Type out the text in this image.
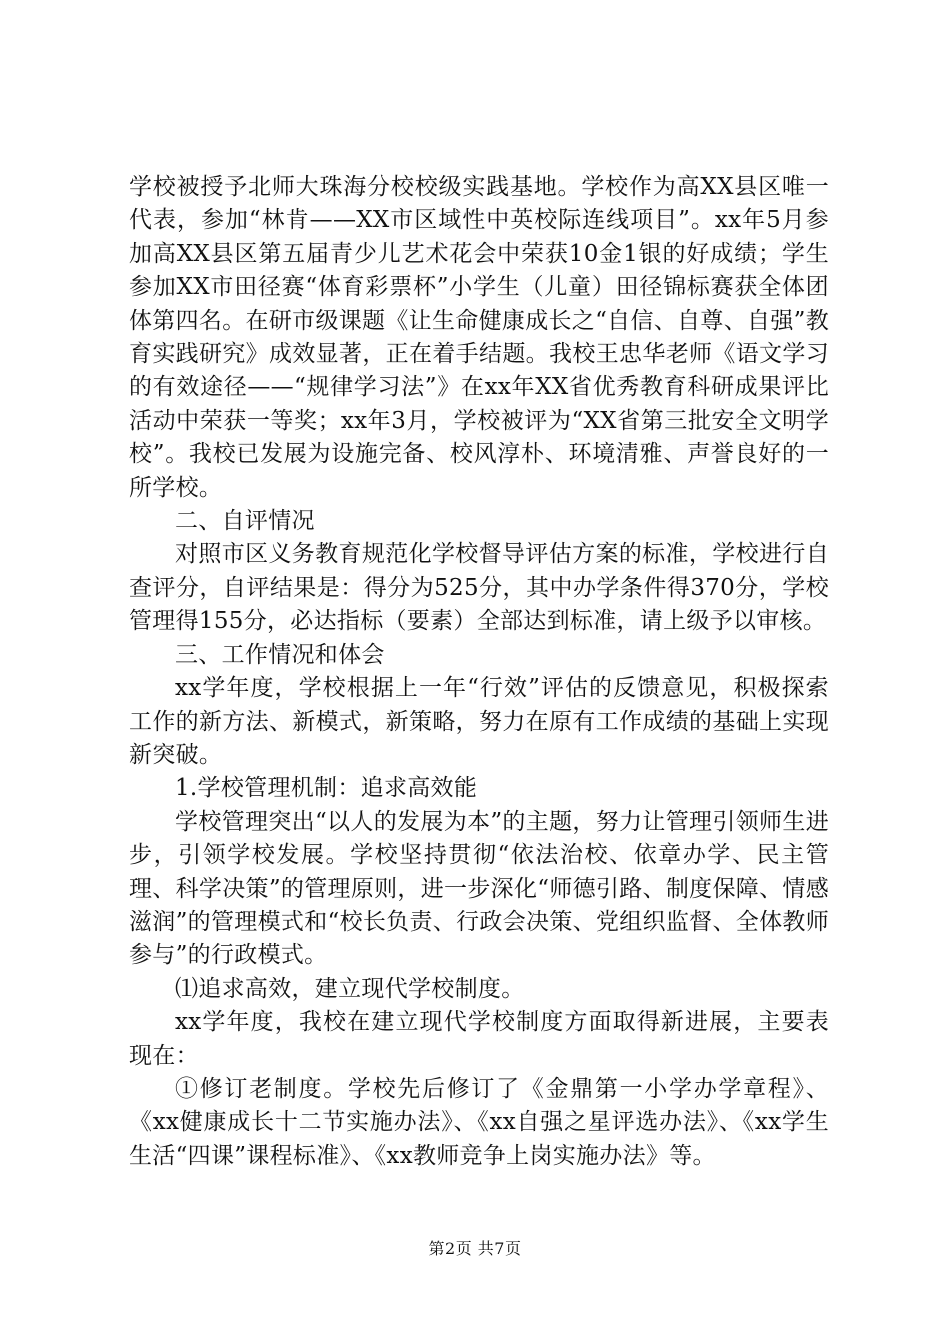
学校被授予北师大珠海分校校级实践基地。学校作为高XX县区唯一代表，参加“林肯——XX市区域性中英校际连线项目”。xx年5月参加高XX县区第五届青少儿艺术花会中荣获10金1银的好成绩；学生参加XX市田径赛“体育彩票杯”小学生（儿童）田径锦标赛获全体团体第四名。在研市级课题《让生命健康成长之“自信、自尊、自强”教育实践研究》成效显著，正在着手结题。我校王忠华老师《语文学习的有效途径——“规律学习法”》在xx年XX省优秀教育科研成果评比活动中荣获一等奖；xx年3月，学校被评为“XX省第三批安全文明学校”。我校已发展为设施完备、校风淳朴、环境清雅、声誉良好的一所学校。

二、自评情况

对照市区义务教育规范化学校督导评估方案的标准，学校进行自查评分，自评结果是：得分为525分，其中办学条件得370分，学校管理得155分，必达指标（要素）全部达到标准，请上级予以审核。

三、工作情况和体会

xx学年度，学校根据上一年“行效”评估的反馈意见，积极探索工作的新方法、新模式，新策略，努力在原有工作成绩的基础上实现新突破。

1.学校管理机制：追求高效能

学校管理突出“以人的发展为本”的主题，努力让管理引领师生进步，引领学校发展。学校坚持贯彻“依法治校、依章办学、民主管理、科学决策”的管理原则，进一步深化“师德引路、制度保障、情感滋润”的管理模式和“校长负责、行政会决策、党组织监督、全体教师参与”的行政模式。

⑴追求高效，建立现代学校制度。

xx学年度，我校在建立现代学校制度方面取得新进展，主要表现在：

①修订老制度。学校先后修订了《金鼎第一小学办学章程》、《xx健康成长十二节实施办法》、《xx自强之星评选办法》、《xx学生生活“四课”课程标准》、《xx教师竞争上岗实施办法》等。

第2页 共7页
